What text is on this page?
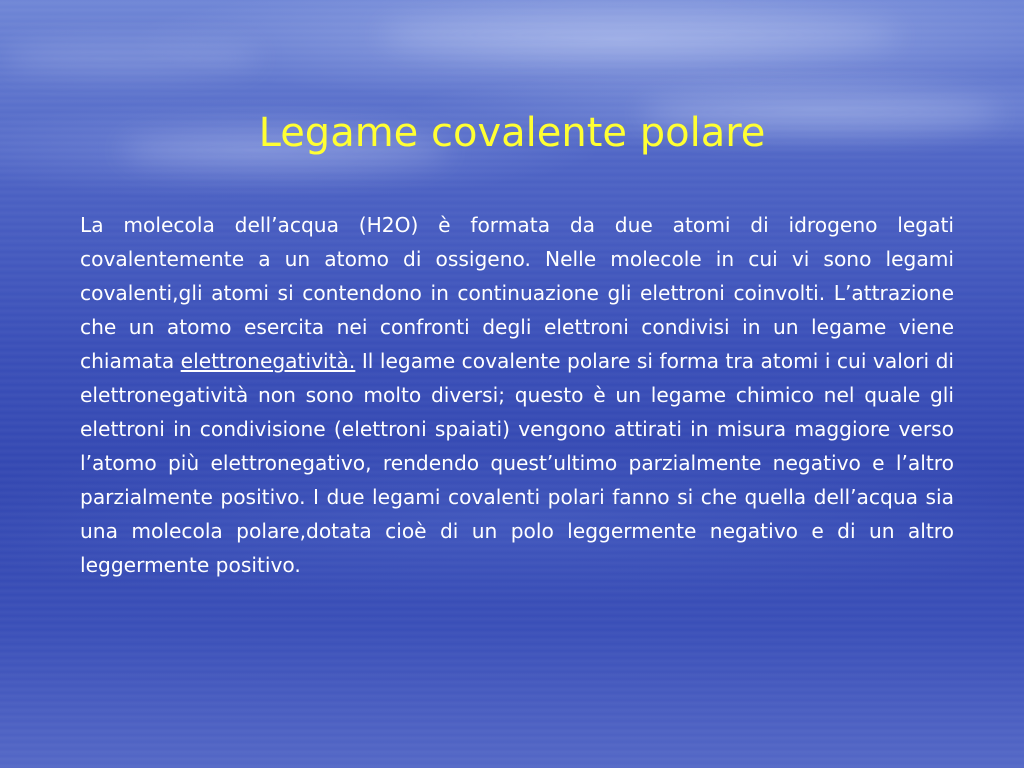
Legame covalente polare

La molecola dell’acqua (H2O) è formata da due atomi di idrogeno legati covalentemente a un atomo di ossigeno. Nelle molecole in cui vi sono legami covalenti,gli atomi si contendono in continuazione gli elettroni coinvolti. L’attrazione che un atomo esercita nei confronti degli elettroni condivisi in un legame viene chiamata elettronegatività. Il legame covalente polare si forma tra atomi i cui valori di elettronegatività non sono molto diversi; questo è un legame chimico nel quale gli elettroni in condivisione (elettroni spaiati) vengono attirati in misura maggiore verso l’atomo più elettronegativo, rendendo quest’ultimo parzialmente negativo e l’altro parzialmente positivo. I due legami covalenti polari fanno si che quella dell’acqua sia una molecola polare,dotata cioè di un polo leggermente negativo e di un altro leggermente positivo.
